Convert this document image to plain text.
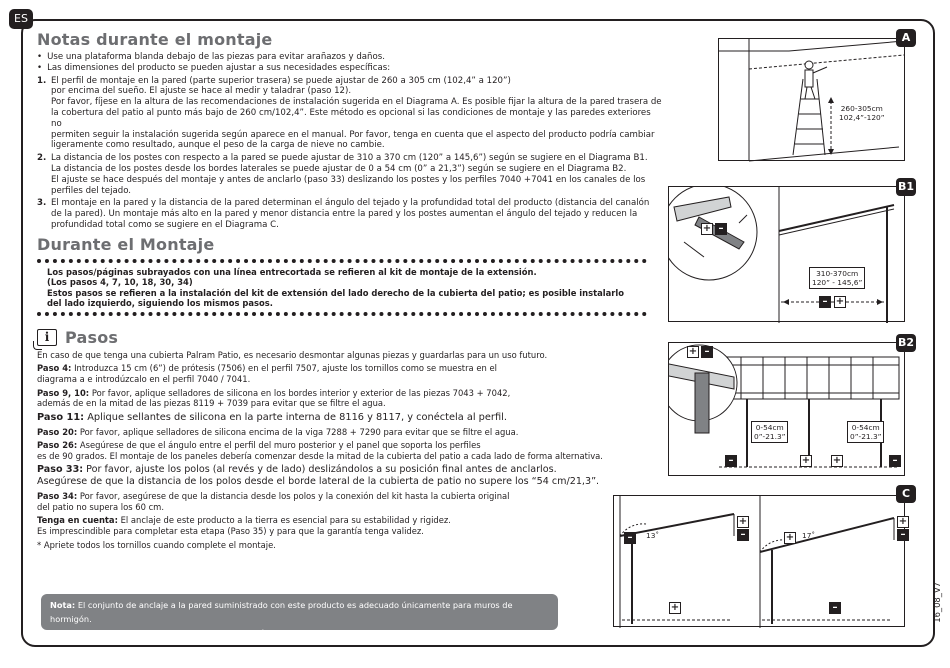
ES
Notas durante el montaje
• Use una plataforma blanda debajo de las piezas para evitar arañazos y daños.
• Las dimensiones del producto se pueden ajustar a sus necesidades específicas:
1. El perfil de montaje en la pared (parte superior trasera) se puede ajustar de 260 a 305 cm (102,4” a 120”)
por encima del sueño. El ajuste se hace al medir y taladrar (paso 12).
Por favor, fíjese en la altura de las recomendaciones de instalación sugerida en el Diagrama A. Es posible fijar la altura de la pared trasera de
la cobertura del patio al punto más bajo de 260 cm/102,4”. Este método es opcional si las condiciones de montaje y las paredes exteriores no
permiten seguir la instalación sugerida según aparece en el manual. Por favor, tenga en cuenta que el aspecto del producto podría cambiar
ligeramente como resultado, aunque el peso de la carga de nieve no cambie.
2. La distancia de los postes con respecto a la pared se puede ajustar de 310 a 370 cm (120” a 145,6”) según se sugiere en el Diagrama B1.
La distancia de los postes desde los bordes laterales se puede ajustar de 0 a 54 cm (0” a 21,3”) según se sugiere en el Diagrama B2.
El ajuste se hace después del montaje y antes de anclarlo (paso 33) deslizando los postes y los perfiles 7040 +7041 en los canales de los
perfiles del tejado.
3. El montaje en la pared y la distancia de la pared determinan el ángulo del tejado y la profundidad total del producto (distancia del canalón
de la pared). Un montaje más alto en la pared y menor distancia entre la pared y los postes aumentan el ángulo del tejado y reducen la
profundidad total como se sugiere en el Diagrama C.
Durante el Montaje
Los pasos/páginas subrayados con una línea entrecortada se refieren al kit de montaje de la extensión.
(Los pasos 4, 7, 10, 18, 30, 34)
Estos pasos se refieren a la instalación del kit de extensión del lado derecho de la cubierta del patio; es posible instalarlo
del lado izquierdo, siguiendo los mismos pasos.
i Pasos

En caso de que tenga una cubierta Palram Patio, es necesario desmontar algunas piezas y guardarlas para un uso futuro.

Paso 4: Introduzca 15 cm (6”) de prótesis (7506) en el perfil 7507, ajuste los tornillos como se muestra en el
diagrama a e introdúzcalo en el perfil 7040 / 7041.
Paso 9, 10: Por favor, aplique selladores de silicona en los bordes interior y exterior de las piezas 7043 + 7042,
además de en la mitad de las piezas 8119 + 7039 para evitar que se filtre el agua.
Paso 11: Aplique sellantes de silicona en la parte interna de 8116 y 8117, y conéctela al perfil.
Paso 20: Por favor, aplique selladores de silicona encima de la viga 7288 + 7290 para evitar que se filtre el agua.
Paso 26: Asegúrese de que el ángulo entre el perfil del muro posterior y el panel que soporta los perfiles
es de 90 grados. El montaje de los paneles debería comenzar desde la mitad de la cubierta del patio a cada lado de forma alternativa.
Paso 33: Por favor, ajuste los polos (al revés y de lado) deslizándolos a su posición final antes de anclarlos.
Asegúrese de que la distancia de los polos desde el borde lateral de la cubierta de patio no supere los “54 cm/21,3”.
Paso 34: Por favor, asegúrese de que la distancia desde los polos y la conexión del kit hasta la cubierta original
del patio no supera los 60 cm.
Tenga en cuenta: El anclaje de este producto a la tierra es esencial para su estabilidad y rigidez.
Es imprescindible para completar esta etapa (Paso 35) y para que la garantía tenga validez.

* Apriete todos los tornillos cuando complete el montaje.

Nota: El conjunto de anclaje a la pared suministrado con este producto es adecuado únicamente para muros de hormigón.
Otros tipos de muro necesitan un conjunto de fijación en pared en consecuencia.
260-305cm
102,4”-120”
A
+ –
310-370cm
120” - 145,6”
– +
B1
+ –
0-54cm
0”-21.3”
0-54cm
0”-21.3”
–	+ +	–
B2
–	13˚
+
–
+
+ 17˚
+
–
–
C
16_08_V7
